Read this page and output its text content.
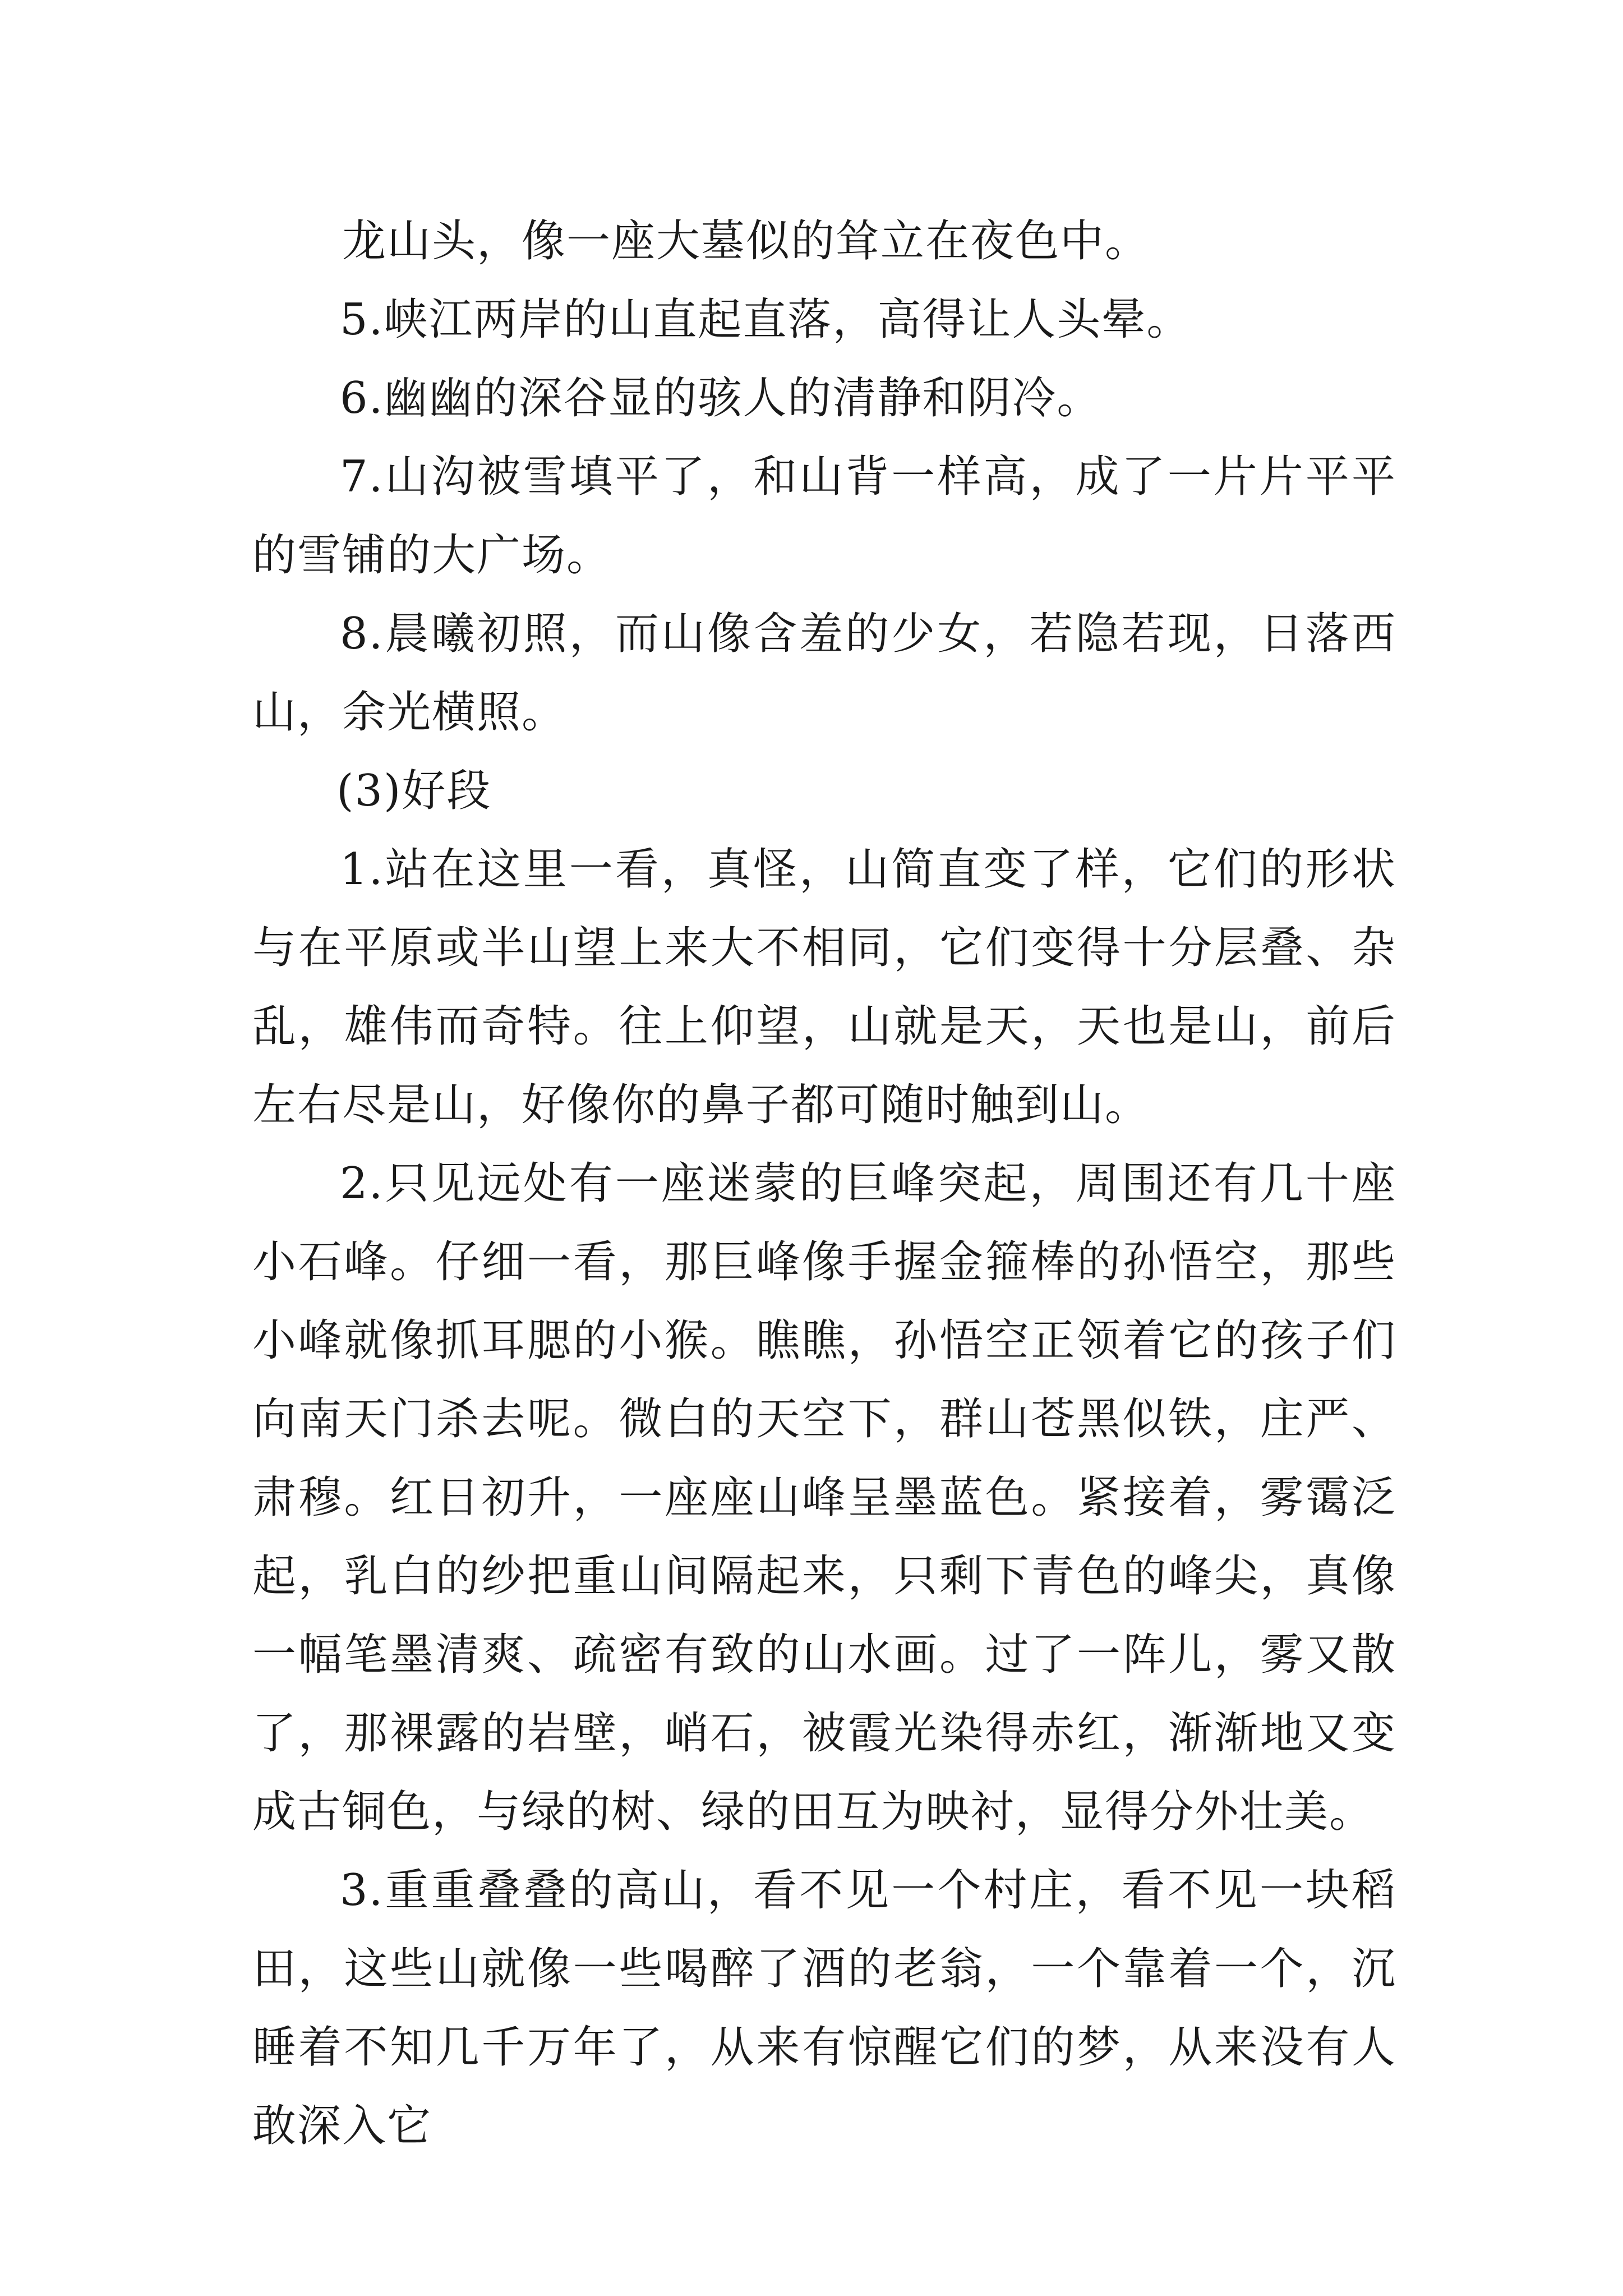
龙山头，像一座大墓似的耸立在夜色中。

5.峡江两岸的山直起直落，高得让人头晕。

6.幽幽的深谷显的骇人的清静和阴冷。

7.山沟被雪填平了，和山背一样高，成了一片片平平的雪铺的大广场。

8.晨曦初照，而山像含羞的少女，若隐若现，日落西山，余光横照。

(3)好段

1.站在这里一看，真怪，山简直变了样，它们的形状与在平原或半山望上来大不相同，它们变得十分层叠、杂乱，雄伟而奇特。往上仰望，山就是天，天也是山，前后左右尽是山，好像你的鼻子都可随时触到山。

2.只见远处有一座迷蒙的巨峰突起，周围还有几十座小石峰。仔细一看，那巨峰像手握金箍棒的孙悟空，那些小峰就像抓耳腮的小猴。瞧瞧，孙悟空正领着它的孩子们向南天门杀去呢。微白的天空下，群山苍黑似铁，庄严、肃穆。红日初升，一座座山峰呈墨蓝色。紧接着，雾霭泛起，乳白的纱把重山间隔起来，只剩下青色的峰尖，真像一幅笔墨清爽、疏密有致的山水画。过了一阵儿，雾又散了，那裸露的岩壁，峭石，被霞光染得赤红，渐渐地又变成古铜色，与绿的树、绿的田互为映衬，显得分外壮美。

3.重重叠叠的高山，看不见一个村庄，看不见一块稻田，这些山就像一些喝醉了酒的老翁，一个靠着一个，沉睡着不知几千万年了，从来有惊醒它们的梦，从来没有人敢深入它
